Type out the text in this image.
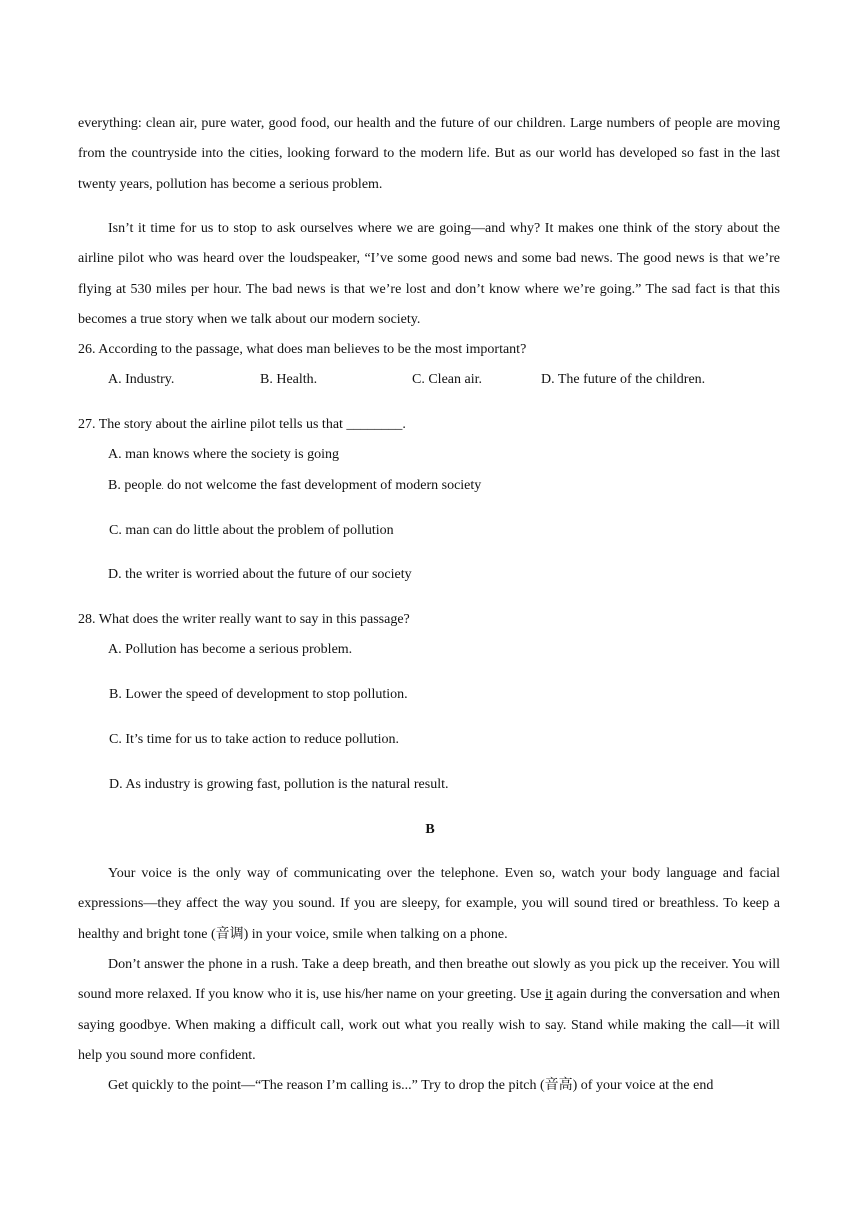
everything: clean air, pure water, good food, our health and the future of our children. Large numbers of people are moving from the countryside into the cities, looking forward to the modern life. But as our world has developed so fast in the last twenty years, pollution has become a serious problem.

Isn’t it time for us to stop to ask ourselves where we are going—and why? It makes one think of the story about the airline pilot who was heard over the loudspeaker, “I’ve some good news and some bad news. The good news is that we’re flying at 530 miles per hour. The bad news is that we’re lost and don’t know where we’re going.” The sad fact is that this becomes a true story when we talk about our modern society.

26. According to the passage, what does man believes to be the most important?

A. Industry.	B. Health.	C. Clean air.	D. The future of the children.

27. The story about the airline pilot tells us that ________.

A. man knows where the society is going

B. people. do not welcome the fast development of modern society

C. man can do little about the problem of pollution

D. the writer is worried about the future of our society

28. What does the writer really want to say in this passage?

A. Pollution has become a serious problem.

B. Lower the speed of development to stop pollution.

C. It’s time for us to take action to reduce pollution.

D. As industry is growing fast, pollution is the natural result.

B

Your voice is the only way of communicating over the telephone. Even so, watch your body language and facial expressions—they affect the way you sound. If you are sleepy, for example, you will sound tired or breathless. To keep a healthy and bright tone (音调) in your voice, smile when talking on a phone.

Don’t answer the phone in a rush. Take a deep breath, and then breathe out slowly as you pick up the receiver. You will sound more relaxed. If you know who it is, use his/her name on your greeting. Use it again during the conversation and when saying goodbye. When making a difficult call, work out what you really wish to say. Stand while making the call—it will help you sound more confident.

Get quickly to the point—“The reason I’m calling is...” Try to drop the pitch (音高) of your voice at the end
